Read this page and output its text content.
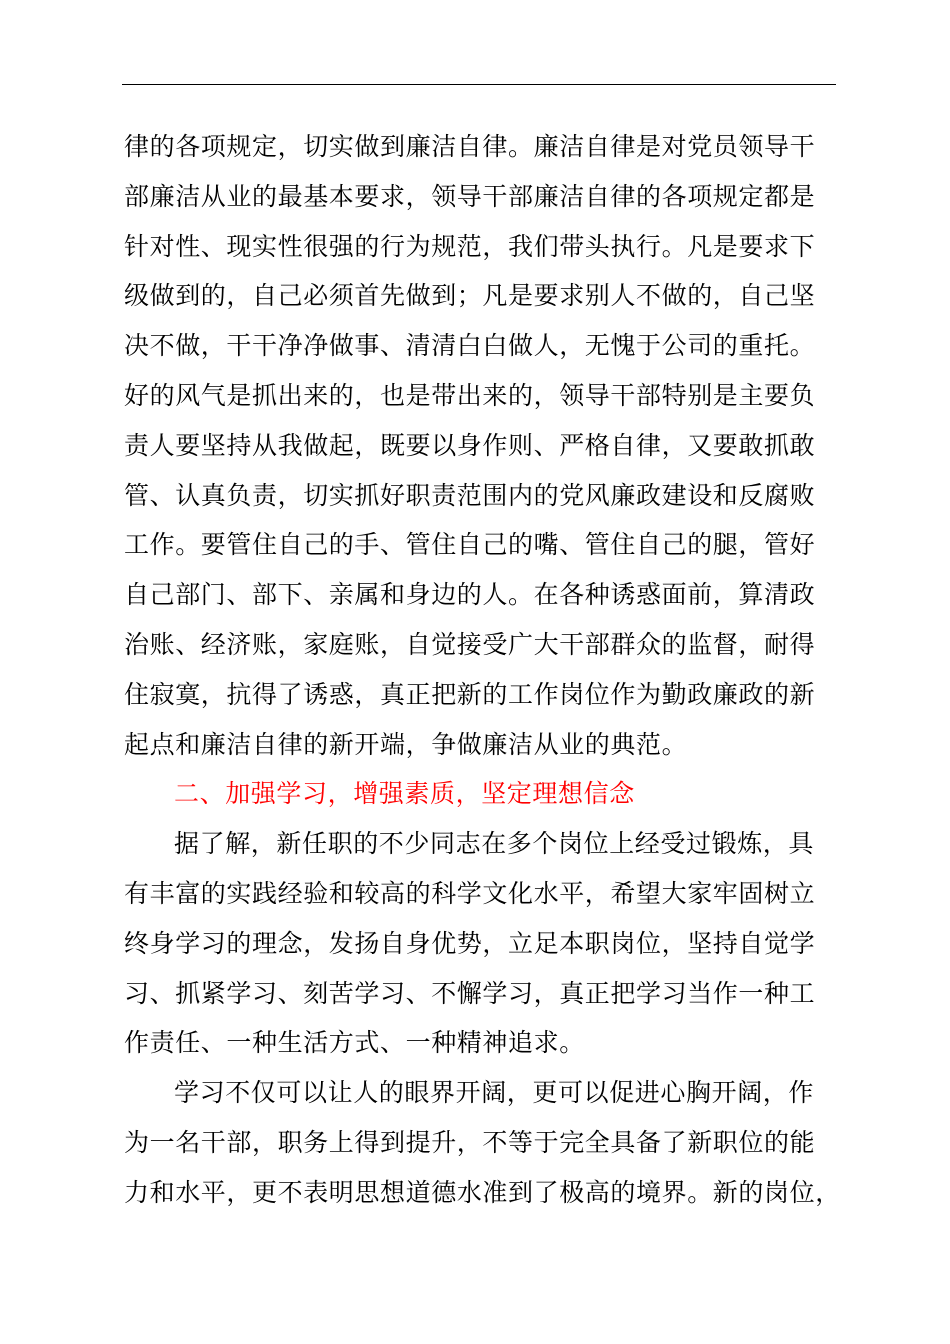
律的各项规定，切实做到廉洁自律。廉洁自律是对党员领导干
部廉洁从业的最基本要求，领导干部廉洁自律的各项规定都是
针对性、现实性很强的行为规范，我们带头执行。凡是要求下
级做到的，自己必须首先做到；凡是要求别人不做的，自己坚
决不做，干干净净做事、清清白白做人，无愧于公司的重托。
好的风气是抓出来的，也是带出来的，领导干部特别是主要负
责人要坚持从我做起，既要以身作则、严格自律，又要敢抓敢
管、认真负责，切实抓好职责范围内的党风廉政建设和反腐败
工作。要管住自己的手、管住自己的嘴、管住自己的腿，管好
自己部门、部下、亲属和身边的人。在各种诱惑面前，算清政
治账、经济账，家庭账，自觉接受广大干部群众的监督，耐得
住寂寞，抗得了诱惑，真正把新的工作岗位作为勤政廉政的新
起点和廉洁自律的新开端，争做廉洁从业的典范。
二、加强学习，增强素质，坚定理想信念
据了解，新任职的不少同志在多个岗位上经受过锻炼，具
有丰富的实践经验和较高的科学文化水平，希望大家牢固树立
终身学习的理念，发扬自身优势，立足本职岗位，坚持自觉学
习、抓紧学习、刻苦学习、不懈学习，真正把学习当作一种工
作责任、一种生活方式、一种精神追求。
学习不仅可以让人的眼界开阔，更可以促进心胸开阔，作
为一名干部，职务上得到提升，不等于完全具备了新职位的能
力和水平，更不表明思想道德水准到了极高的境界。新的岗位，
